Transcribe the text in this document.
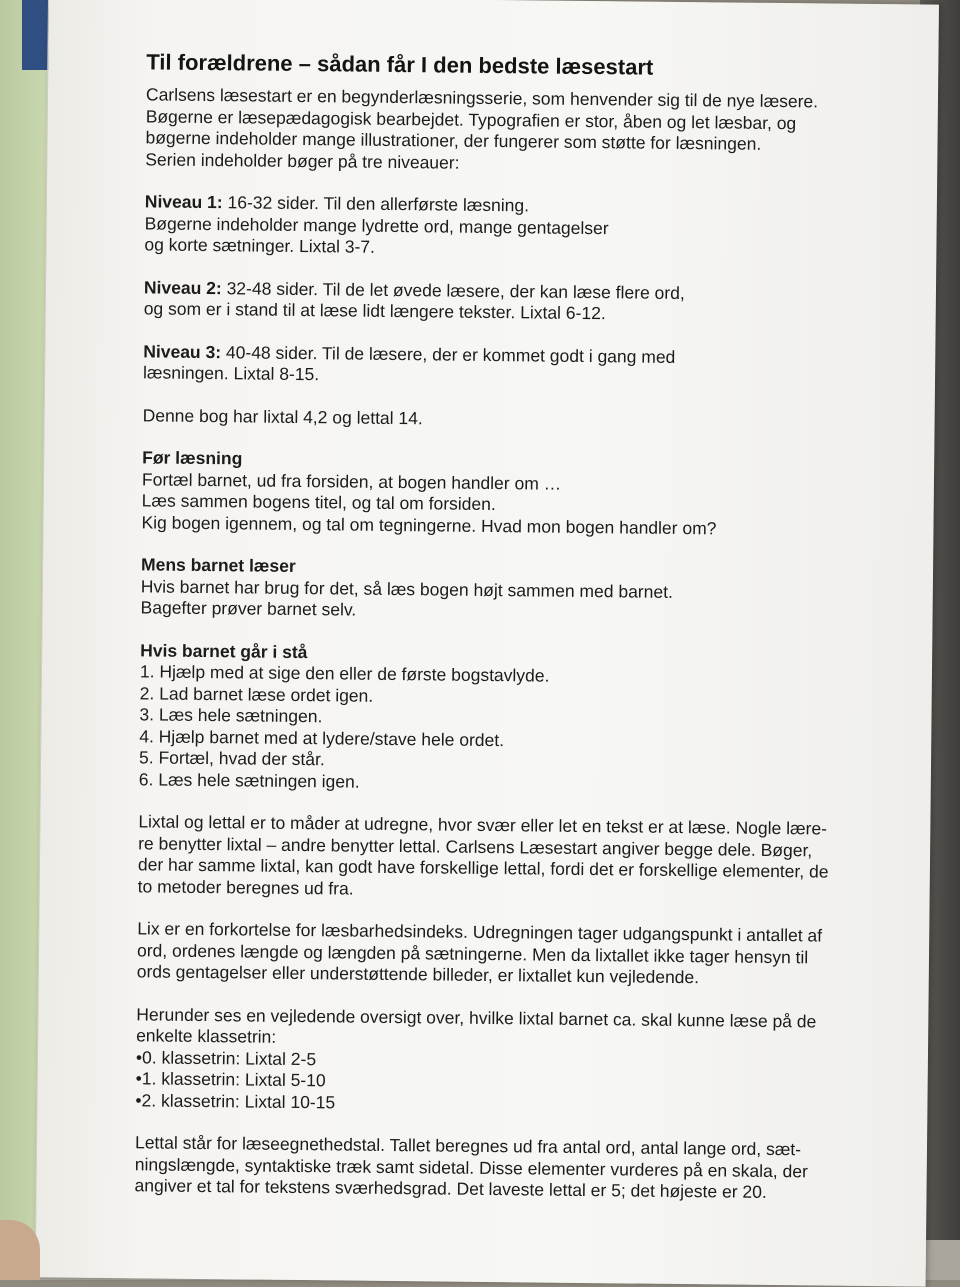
Til forældrene – sådan får I den bedste læsestart

Carlsens læsestart er en begynderlæsningsserie, som henvender sig til de nye læsere.
Bøgerne er læsepædagogisk bearbejdet. Typografien er stor, åben og let læsbar, og
bøgerne indeholder mange illustrationer, der fungerer som støtte for læsningen.
Serien indeholder bøger på tre niveauer:

Niveau 1: 16-32 sider. Til den allerførste læsning.
Bøgerne indeholder mange lydrette ord, mange gentagelser
og korte sætninger. Lixtal 3-7.

Niveau 2: 32-48 sider. Til de let øvede læsere, der kan læse flere ord,
og som er i stand til at læse lidt længere tekster. Lixtal 6-12.

Niveau 3: 40-48 sider. Til de læsere, der er kommet godt i gang med
læsningen. Lixtal 8-15.

Denne bog har lixtal 4,2 og lettal 14.

Før læsning
Fortæl barnet, ud fra forsiden, at bogen handler om …
Læs sammen bogens titel, og tal om forsiden.
Kig bogen igennem, og tal om tegningerne. Hvad mon bogen handler om?

Mens barnet læser
Hvis barnet har brug for det, så læs bogen højt sammen med barnet.
Bagefter prøver barnet selv.

Hvis barnet går i stå
1. Hjælp med at sige den eller de første bogstavlyde.
2. Lad barnet læse ordet igen.
3. Læs hele sætningen.
4. Hjælp barnet med at lydere/stave hele ordet.
5. Fortæl, hvad der står.
6. Læs hele sætningen igen.

Lixtal og lettal er to måder at udregne, hvor svær eller let en tekst er at læse. Nogle lære-
re benytter lixtal – andre benytter lettal. Carlsens Læsestart angiver begge dele. Bøger,
der har samme lixtal, kan godt have forskellige lettal, fordi det er forskellige elementer, de
to metoder beregnes ud fra.

Lix er en forkortelse for læsbarhedsindeks. Udregningen tager udgangspunkt i antallet af
ord, ordenes længde og længden på sætningerne. Men da lixtallet ikke tager hensyn til
ords gentagelser eller understøttende billeder, er lixtallet kun vejledende.

Herunder ses en vejledende oversigt over, hvilke lixtal barnet ca. skal kunne læse på de
enkelte klassetrin:
• 0. klassetrin: Lixtal 2-5
• 1. klassetrin: Lixtal 5-10
• 2. klassetrin: Lixtal 10-15

Lettal står for læseegnethedstal. Tallet beregnes ud fra antal ord, antal lange ord, sæt-
ningslængde, syntaktiske træk samt sidetal. Disse elementer vurderes på en skala, der
angiver et tal for tekstens sværhedsgrad. Det laveste lettal er 5; det højeste er 20.
